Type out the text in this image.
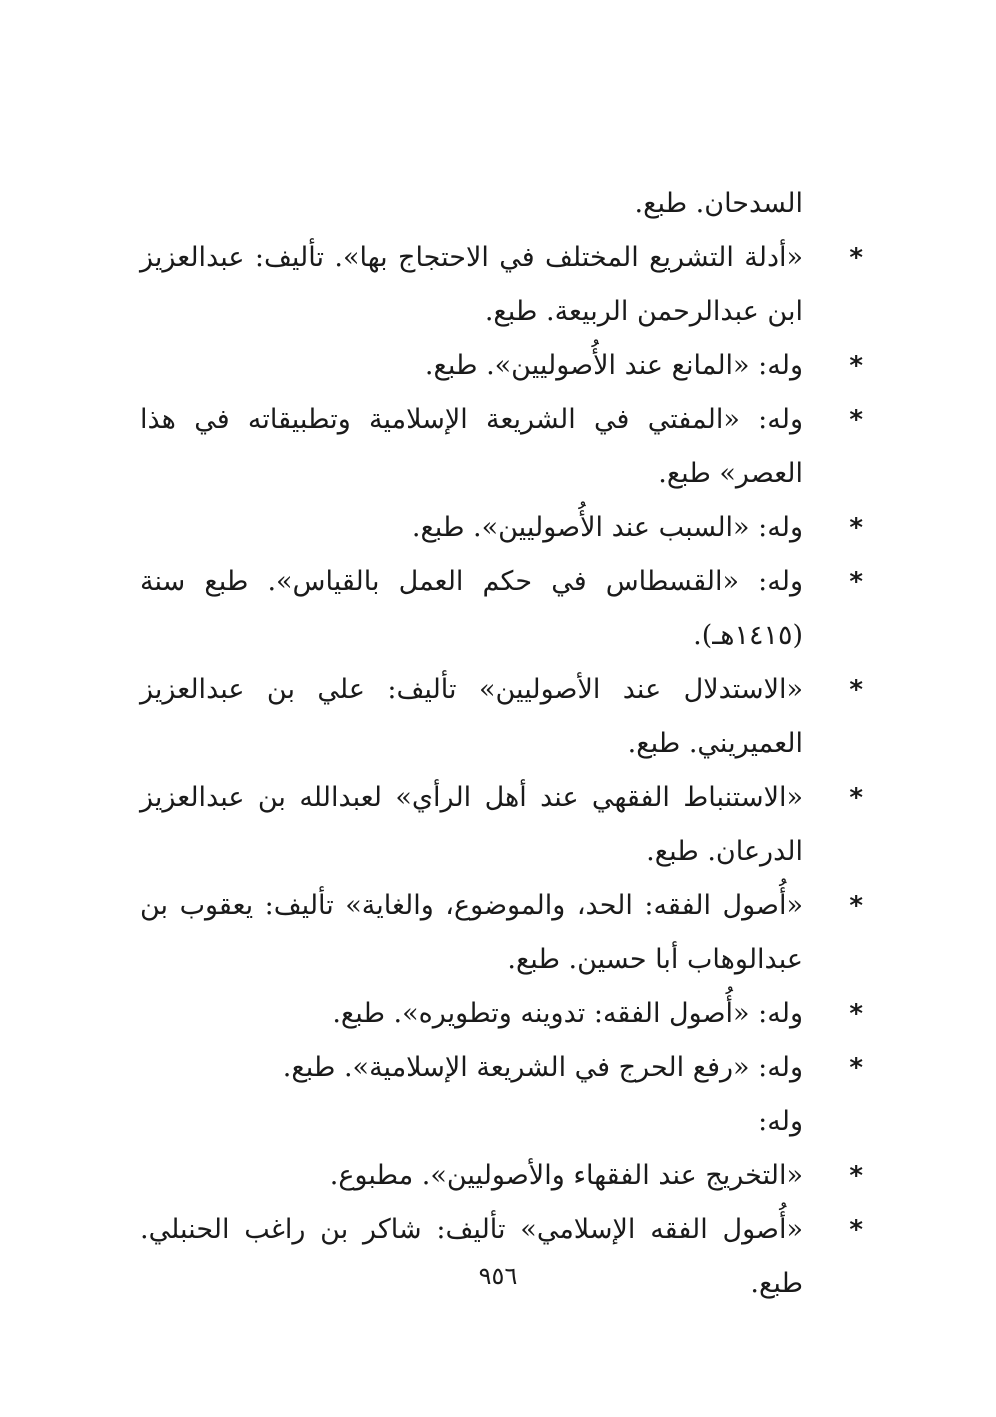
السدحان. طبع.
*
«أدلة التشريع المختلف في الاحتجاج بها». تأليف: عبدالعزيز ابن عبدالرحمن الربيعة. طبع.
*
وله: «المانع عند الأُصوليين». طبع.
*
وله: «المفتي في الشريعة الإسلامية وتطبيقاته في هذا العصر» طبع.
*
وله: «السبب عند الأُصوليين». طبع.
*
وله: «القسطاس في حكم العمل بالقياس». طبع سنة (١٤١٥هـ).
*
«الاستدلال عند الأصوليين» تأليف: علي بن عبدالعزيز العميريني. طبع.
*
«الاستنباط الفقهي عند أهل الرأي» لعبدالله بن عبدالعزيز الدرعان. طبع.
*
«أُصول الفقه: الحد، والموضوع، والغاية» تأليف: يعقوب بن عبدالوهاب أبا حسين. طبع.
*
وله: «أُصول الفقه: تدوينه وتطويره». طبع.
*
وله: «رفع الحرج في الشريعة الإسلامية». طبع.
وله:
*
«التخريج عند الفقهاء والأصوليين». مطبوع.
*
«أُصول الفقه الإسلامي» تأليف: شاكر بن راغب الحنبلي. طبع.
٩٥٦
